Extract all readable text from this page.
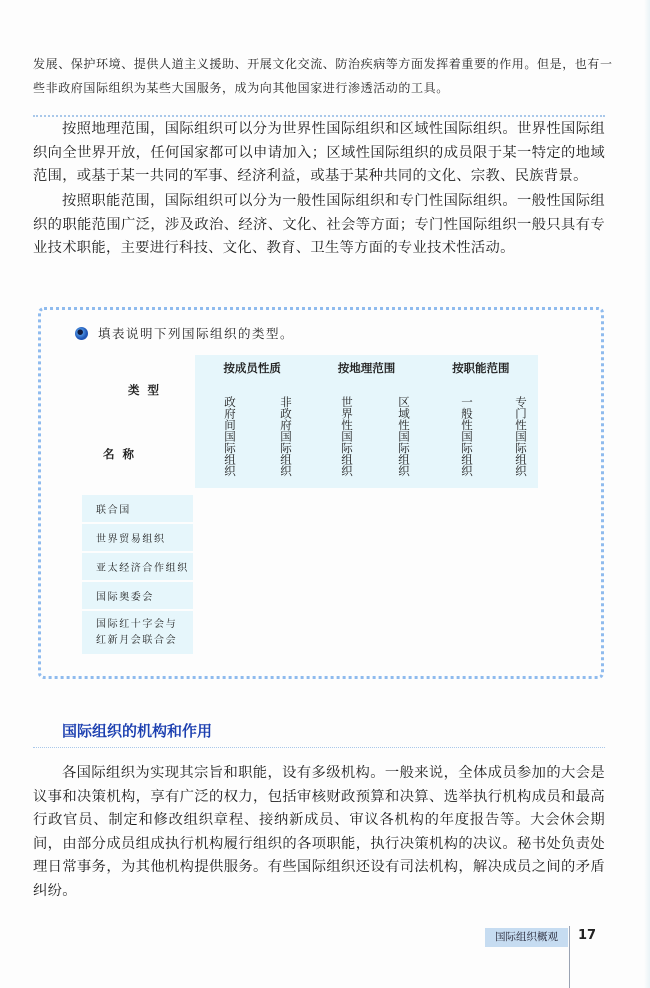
发展、保护环境、提供人道主义援助、开展文化交流、防治疾病等方面发挥着重要的作用。但是，也有一些非政府国际组织为某些大国服务，成为向其他国家进行渗透活动的工具。

按照地理范围，国际组织可以分为世界性国际组织和区域性国际组织。世界性国际组织向全世界开放，任何国家都可以申请加入；区域性国际组织的成员限于某一特定的地域范围，或基于某一共同的军事、经济利益，或基于某种共同的文化、宗教、民族背景。

按照职能范围，国际组织可以分为一般性国际组织和专门性国际组织。一般性国际组织的职能范围广泛，涉及政治、经济、文化、社会等方面；专门性国际组织一般只具有专业技术职能，主要进行科技、文化、教育、卫生等方面的专业技术性活动。

填表说明下列国际组织的类型。
按成员性质	按地理范围	按职能范围
类型
名称	政府间国际组织	非政府国际组织	世界性国际组织	区域性国际组织	一般性国际组织	专门性国际组织
联合国
世界贸易组织
亚太经济合作组织
国际奥委会
国际红十字会与
红新月会联合会
国际组织的机构和作用

各国际组织为实现其宗旨和职能，设有多级机构。一般来说，全体成员参加的大会是议事和决策机构，享有广泛的权力，包括审核财政预算和决算、选举执行机构成员和最高行政官员、制定和修改组织章程、接纳新成员、审议各机构的年度报告等。大会休会期间，由部分成员组成执行机构履行组织的各项职能，执行决策机构的决议。秘书处负责处理日常事务，为其他机构提供服务。有些国际组织还设有司法机构，解决成员之间的矛盾纠纷。

国际组织概观	17
